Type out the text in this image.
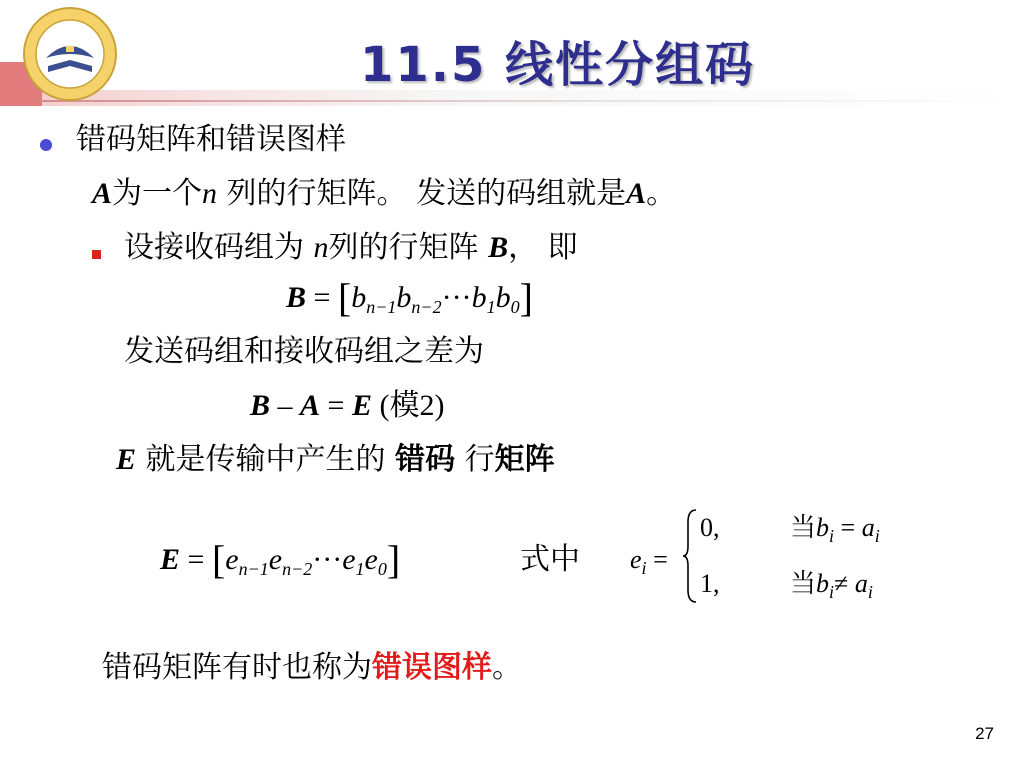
11.5 线性分组码
错码矩阵和错误图样
A为一个n 列的行矩阵。 发送的码组就是A。
设接收码组为 n列的行矩阵 B， 即
$B = [b_{n-1}b_{n-2}\cdot\cdot\cdot b_1b_0]$
发送码组和接收码组之差为
B – A = E (模2)
E 就是传输中产生的 错码 行矩阵
$E = [e_{n-1}e_{n-2}\cdot\cdot\cdot e_1e_0]$	式中 $e_i$ =
0,	当$b_i = a_i$
1,	当$b_i\ne a_i$
错码矩阵有时也称为错误图样。
27
